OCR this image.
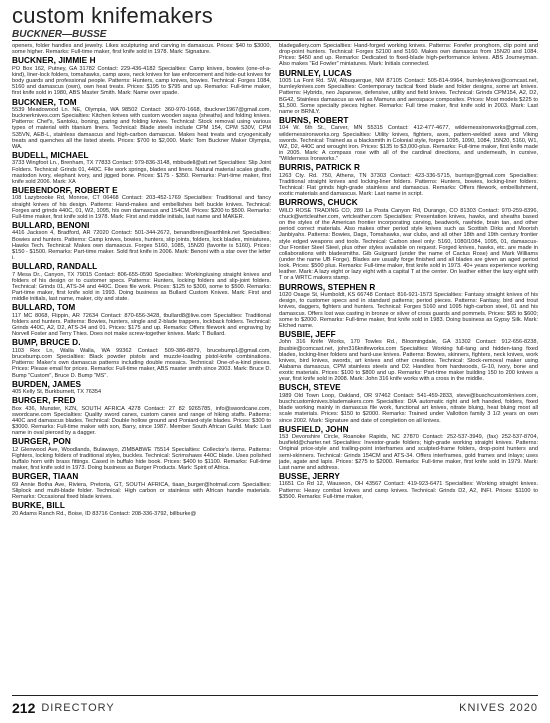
custom knifemakers
BUCKNER—BUSSE

openers, folder handles and jewelry. Likes sculpturing and carving in damascus. Prices: $40 to $3000, some higher. Remarks: Full-time maker, first knife sold in 1978. Mark: Signature.

BUCKNER, JIMMIE H

PO Box 162, Putney, GA 31782 Contact: 229-436-4182 Specialties: Camp knives, bowies (one-of-a-kind), liner-lock folders, tomahawks, camp axes, neck knives for law enforcement and hide-out knives for body guards and professional people. Patterns: Hunters, camp knives, bowies. Technical: Forges 1084, 5160 and damascus (own), own heat treats. Prices: $195 to $795 and up. Remarks: Full-time maker, first knife sold in 1980, ABS Master Smith. Mark: Name over spade.

BUCKNER, TOM

5539 Meadowood Ln. NE, Olympia, WA 98502 Contact: 360-970-1668, tbuckner1967@gmail.com, bucknerknives.com Specialties: Kitchen knives with custom wooden sayas (sheaths) and folding knives. Patterns: Chef's, Santoku, boning, paring and folding knives. Technical: Stock removal using various types of material with titanium liners. Technical: Blade steels include CPM 154, CPM S30V, CPM S35VN, AEB-L, stainless damascus and high-carbon damascus. Makes heat treats and cryogenically treats and quenches all the listed steels. Prices: $700 to $2,000. Mark: Tom Buckner Maker Olympia, WA.

BUDELL, MICHAEL

3733 Wingfoot Ln., Brenham, TX 77833 Contact: 979-836-3148, mbbudell@att.net Specialties: Slip Joint Folders. Technical: Grinds 01, 440C. File work springs, blades and liners. Natural material scales giraffe, mastodon ivory, elephant ivory, and jigged bone. Prices: $175 - $350. Remarks: Part-time maker, first knife sold 2006. Mark: XA

BUEBENDORF, ROBERT E

108 Lazybrooke Rd, Monroe, CT 06468 Contact: 203-452-1769 Specialties: Traditional and fancy straight knives of his design. Patterns: Hand-makes and embellishes belt buckle knives. Technical: Forges and grinds 440C, 01, W2, 1095, his own damascus and 154CM. Prices: $200 to $500. Remarks: Full-time maker, first knife sold in 1978. Mark: First and middle initials, last name and MAKER.

BULLARD, BENONI

4416 Jackson 4, Bradford, AR 72020 Contact: 501-344-2672, benandbren@earthlink.net Specialties: Bowies and hunters. Patterns: Camp knives, bowies, hunters, slip joints, folders, lock blades, miniatures, Hawks Tech. Technical: Makes own damascus. Forges 5160, 1085, 15N20 (favorite is 5160). Prices: $150 - $1500. Remarks: Part-time maker. Sold first knife in 2006. Mark: Benoni with a star over the letter i.

BULLARD, RANDALL

7 Mesa Dr., Canyon, TX 79015 Contact: 806-655-0590 Specialties: Working/using straight knives and folders of his design or to customer specs. Patterns: Hunters, locking folders and slip-joint folders. Technical: Grinds 01, ATS-34 and 440C. Does file work. Prices: $125 to $300, some to $500. Remarks: Part-time maker, first knife sold in 1993. Doing business as Bullard Custom Knives. Mark: First and middle initials, last name, maker, city and state.

BULLARD, TOM

117 MC 8068, Flippin, AR 72634 Contact: 870-656-3428, tbullard8@live.com Specialties: Traditional folders and hunters. Patterns: Bowies, hunters, single and 2-blade trappers, lockback folders. Technical: Grinds 440C, A2, D2, ATS-34 and 01. Prices: $175 and up. Remarks: Offers filework and engraving by Norvell Foster and Terry Thies. Does not make screw-together knives. Mark: T Bullard.

BUMP, BRUCE D.

1103 Rex Ln, Walla Walla, WA 99362 Contact: 509-386-8879, brucebump1@gmail.com, brucebump.com Specialties: Black powder pistols and muzzle-loading pistol-knife combinations. Patterns: Maker's own damascus patterns including double mosaics. Technical: One-of-a-kind pieces. Prices: Please email for prices. Remarks: Full-time maker, ABS master smith since 2003. Mark: Bruce D. Bump "Custom", Bruce D. Bump "MS".

BURDEN, JAMES

405 Kelly St, Burkburnett, TX 76354

BURGER, FRED

Box 436, Munster, KZN, SOUTH AFRICA 4278 Contact: 27 82 9265785, info@swordcane.com, swordcane.com Specialties: Quality sword canes, custom canes and range of hiking staffs. Patterns: 440C and damascus blades. Technical: Double hollow ground and Poniard-style blades. Prices: $300 to $3000. Remarks: Full-time maker with son, Barry, since 1987. Member South African Guild. Mark: Last name in oval pierced by a dagger.

BURGER, PON

12 Glenwood Ave, Woodlands, Bulawayo, ZIMBABWE 75514 Specialties: Collector's items. Patterns: Fighters, locking folders of traditional styles, buckles. Technical: Scrimshaws 440C blade. Uses polished buffalo horn with brass fittings. Cased in buffalo hide book. Prices: $400 to $1100. Remarks: Full-time maker, first knife sold in 1973. Doing business as Burger Products. Mark: Spirit of Africa.

BURGER, TIAAN

69 Annie Botha Ave, Riviera, Pretoria, GT, SOUTH AFRICA, tiaan_burger@hotmail.com Specialties: Sliplock and multi-blade folder. Technical: High carbon or stainless with African handle materials. Remarks: Occasional fixed blade knives.

BURKE, BILL

20 Adams Ranch Rd., Boise, ID 83716 Contact: 208-336-3792, billburke@

bladegallery.com Specialties: Hand-forged working knives. Patterns: Forefer pronghorn, clip point and drop-point hunters. Technical: Forges 52100 and 5160. Makes own damascus from 15N20 and 1084. Prices: $450 and up. Remarks: Dedicated to fixed-blade high-performance knives. ABS Journeyman. Also makes "Ed Fowler" miniatures. Mark: Initials connected.

BURNLEY, LUCAS

1005 La Font Rd. SW, Albuquerque, NM 87105 Contact: 505-814-9964, burnleyknives@comcast.net, burnleyknives.com Specialties: Contemporary tactical fixed blade and folder designs, some art knives. Patterns: Hybrids, neo Japanese, defensive, utility and field knives. Technical: Grinds CPM154, A2, D2, BG42, Stainless damascus as well as Mamuns and aerospace composites. Prices: Most models $225 to $1,500. Some specialty pieces higher. Remarks: Full time maker, first knife sold in 2003. Mark: Last name or BRNLY.

BURNS, ROBERT

104 W. 6th St., Carver, MN 55315 Contact: 412-477-4677, wildernessironworks@gmail.com, wildernessironworks.org Specialties: Utility knives, fighters, axes, pattern-welded axes and Viking swords. Technical: Trained as a blacksmith in Colonial style, forges 1095, 1090, 1084, 15N20, 5160, W1, W2, D2, 440C and wrought iron. Prices: $135 to $3,000-plus. Remarks: Full-time maker, first knife made in 2005. Mark: A compass rose with all of the cardinal directions, and underneath, in cursive, "Wilderness Ironworks."

BURRIS, PATRICK R

1263 Cty. Rd. 750, Athens, TN 37303 Contact: 423-336-5715, burrispr@gmail.com Specialties: Traditional straight knives and locking-liner folders. Patterns: Hunters, bowies, locking-liner folders. Technical: Flat grinds high-grade stainless and damascus. Remarks: Offers filework, embellishment, exotic materials and damascus. Mark: Last name in script.

BURROWS, CHUCK

WILD ROSE TRADING CO, 289 La Posta Canyon Rd, Durango, CO 81303 Contact: 970-259-8396, chuck@wrtcleather.com, wrtcleather.com Specialties: Presentation knives, hawks, and sheaths based on the styles of the American frontier incorporating carving, beadwork, rawhide, brain tan, and other period correct materials. Also makes other period style knives such as Scottish Dirks and Moorish Janbiyahs. Patterns: Bowies, Dags, Tomahawks, war clubs, and all other 18th and 19th century frontier style edged weapons and tools. Technical: Carbon steel only: 5160, 1080/1084, 1095, 01, damascus-Our Frontier Steel Steel, plus other styles available on request. Forged knives, hawks, etc. are made in collaborations with bladesmiths. Gib Guignard (under the name of Cactus Rose) and Mark Williams (under the name UB Forge). Blades are usually forge finished and all blades are given an aged period look. Prices: $500 plus. Remarks: Full-time maker, first knife sold in 1973. 40+ years experience working leather. Mark: A lazy eight or lazy eight with a capital T at the center. On leather either the lazy eight with T or a WRTC makers stamp.

BURROWS, STEPHEN R

1020 Osage St, Humboldt, KS 66748 Contact: 816-921-1573 Specialties: Fantasy straight knives of his design, to customer specs and in standard patterns; period pieces. Patterns: Fantasy, bird and trout knives, daggers, fighters and hunters. Technical: Forges 5160 and 1095 high-carbon steel, 01 and his damascus. Offers lost wax casting in bronze or silver of cross guards and pommels. Prices: $65 to $600; some to $2000. Remarks: Full-time maker, first knife sold in 1983. Doing business as Gypsy Silk. Mark: Etched name.

BUSBIE, JEFF

John 316 Knife Works, 170 Towles Rd., Bloomingdale, GA 31302 Contact: 912-656-8238, jbusbie@comcast.net, john316knifeworks.com Specialties: Working full-tang and hidden-tang fixed blades, locking-liner folders and hard-use knives. Patterns: Bowies, skinners, fighters, neck knives, work knives, bird knives, swords, art knives and other creations. Technical: Stock-removal maker using Alabama damascus, CPM stainless steels and D2. Handles from hardwoods, G-10, ivory, bone and exotic materials. Prices: $100 to $800 and up. Remarks: Part-time maker building 150 to 200 knives a year, first knife sold in 2008. Mark: John 316 knife works with a cross in the middle.

BUSCH, STEVE

1989 Old Town Loop, Oakland, OR 97462 Contact: 541-459-2833, steve@buschcustomknives.com, buschcustomknives.blademakers.com Specialties: D/A automatic right and left handed, folders, fixed blade working mainly in damascus file work, functional art knives, nitrate bluing, heat bluing most all scale materials. Prices: $150 to $2000. Remarks: Trained under Vallotton family 3 1/2 years on own since 2002. Mark: Signature and date of completion on all knives.

BUSFIELD, JOHN

153 Devonshire Circle, Roanoke Rapids, NC 27870 Contact: 252-537-3949, (fax) 252-537-8704, busfield@charter.net Specialties: Investor-grade folders; high-grade working straight knives. Patterns: Original price-style and trailing-point interframes and sculpted-frame folders, drop-point hunters and semi-skinners. Technical: Grinds 154CM and ATS-34. Offers interframes, gold frames and inlays; uses jade, agate and lapis. Prices: $275 to $2000. Remarks: Full-time maker, first knife sold in 1979. Mark: Last name and address.

BUSSE, JERRY

11651 Co Rd 12, Wauseon, OH 43567 Contact: 419-923-6471 Specialties: Working straight knives. Patterns: Heavy combat knives and camp knives. Technical: Grinds D2, A2, INFI. Prices: $1100 to $3500. Remarks: Full-time maker,

212 DIRECTORY	KNIVES 2020
